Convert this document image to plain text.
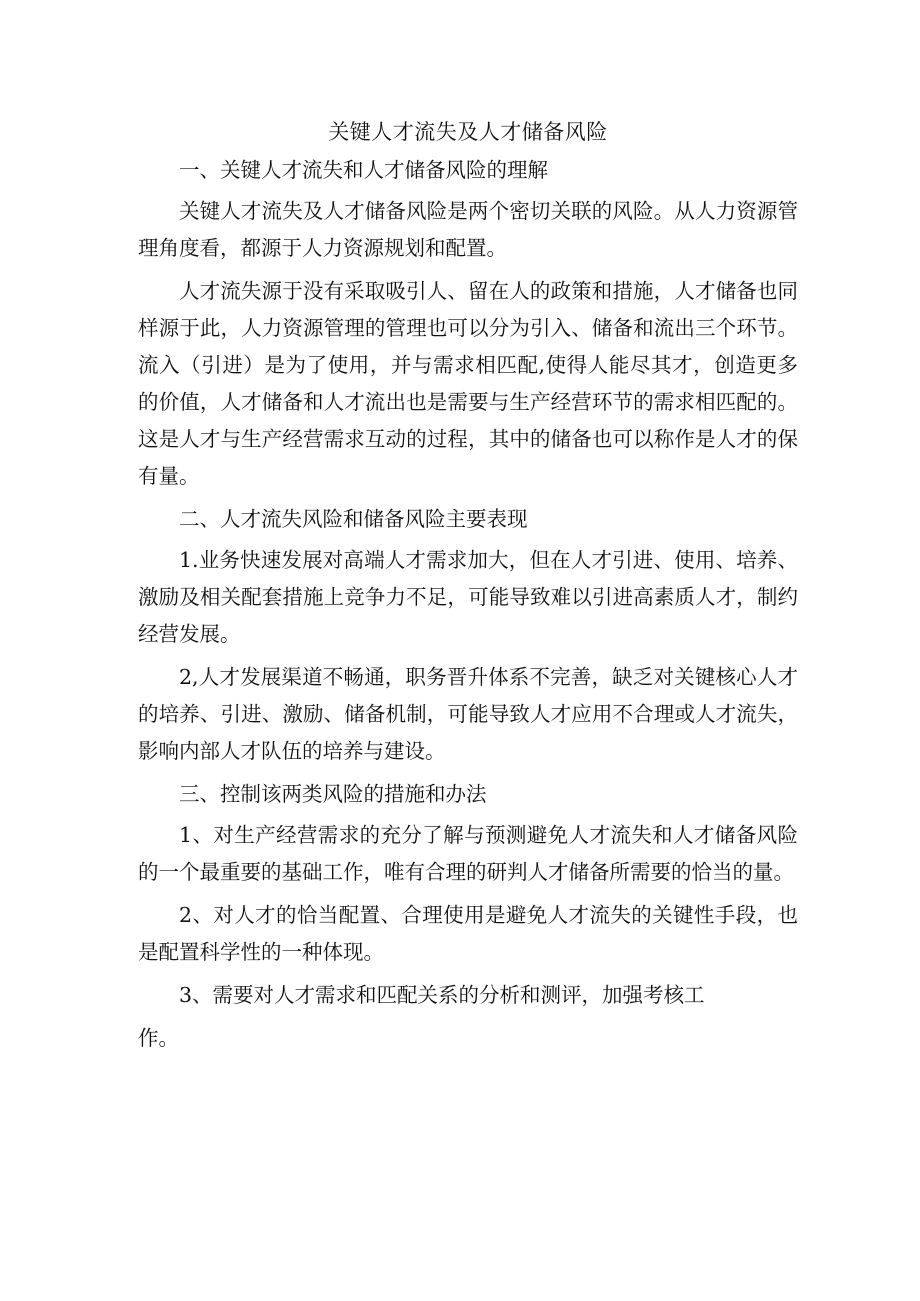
关键人才流失及人才储备风险

一、关键人才流失和人才储备风险的理解

关键人才流失及人才储备风险是两个密切关联的风险。从人力资源管理角度看，都源于人力资源规划和配置。

人才流失源于没有采取吸引人、留在人的政策和措施，人才储备也同样源于此，人力资源管理的管理也可以分为引入、储备和流出三个环节。流入（引进）是为了使用，并与需求相匹配,使得人能尽其才，创造更多的价值，人才储备和人才流出也是需要与生产经营环节的需求相匹配的。这是人才与生产经营需求互动的过程，其中的储备也可以称作是人才的保有量。

二、人才流失风险和储备风险主要表现

1.业务快速发展对高端人才需求加大，但在人才引进、使用、培养、激励及相关配套措施上竞争力不足，可能导致难以引进高素质人才，制约经营发展。

2,人才发展渠道不畅通，职务晋升体系不完善，缺乏对关键核心人才的培养、引进、激励、储备机制，可能导致人才应用不合理或人才流失，影响内部人才队伍的培养与建设。

三、控制该两类风险的措施和办法

1、对生产经营需求的充分了解与预测避免人才流失和人才储备风险的一个最重要的基础工作，唯有合理的研判人才储备所需要的恰当的量。

2、对人才的恰当配置、合理使用是避免人才流失的关键性手段，也是配置科学性的一种体现。

3、需要对人才需求和匹配关系的分析和测评，加强考核工

作。
